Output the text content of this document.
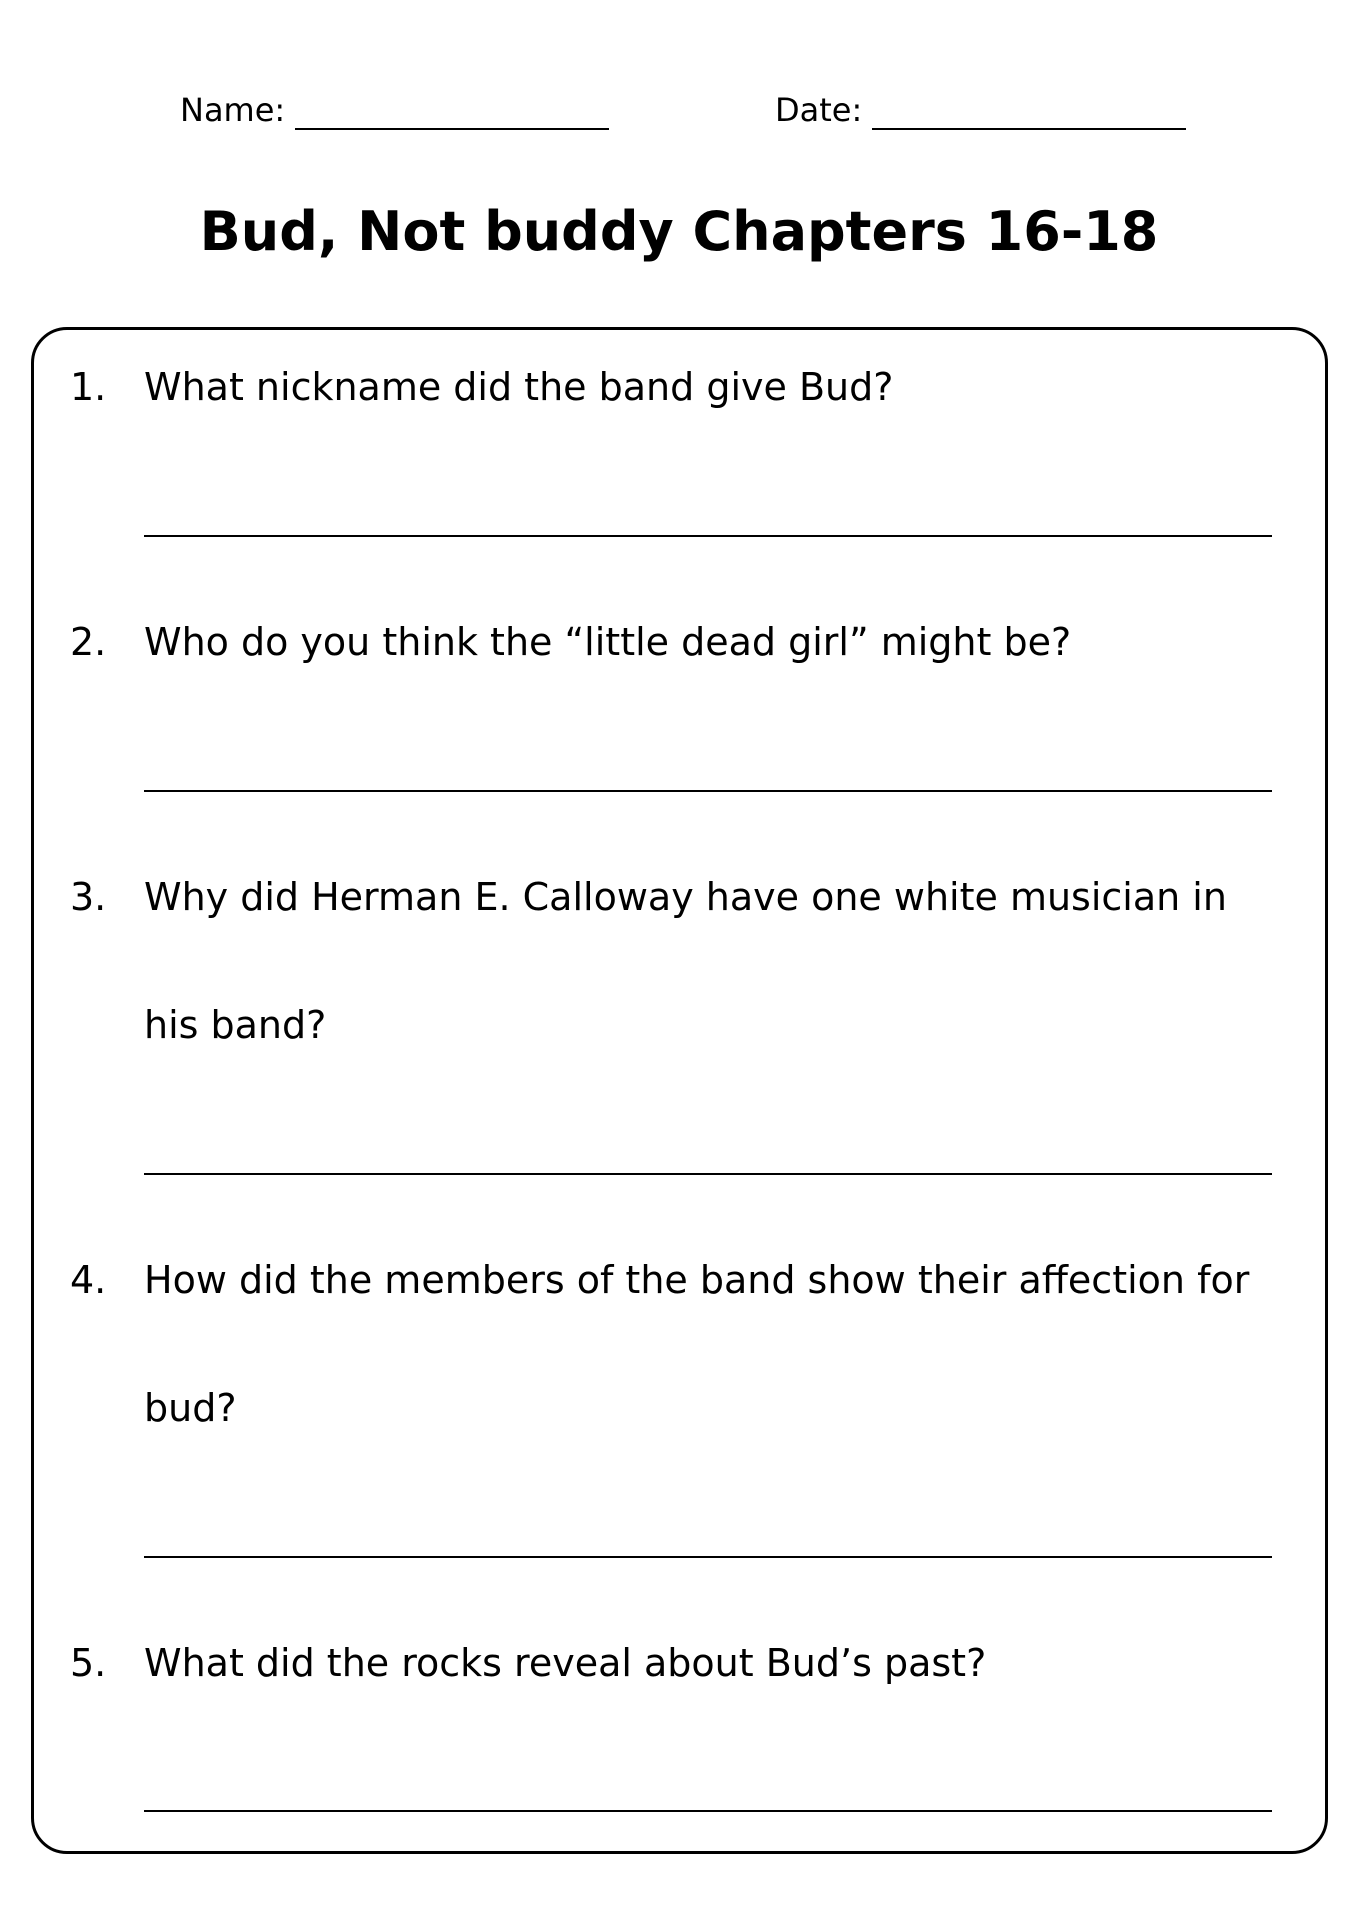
Name:	Date:
Bud, Not buddy Chapters 16-18
1. What nickname did the band give Bud?
2. Who do you think the “little dead girl” might be?
3. Why did Herman E. Calloway have one white musician in his band?
4. How did the members of the band show their affection for bud?
5. What did the rocks reveal about Bud’s past?
